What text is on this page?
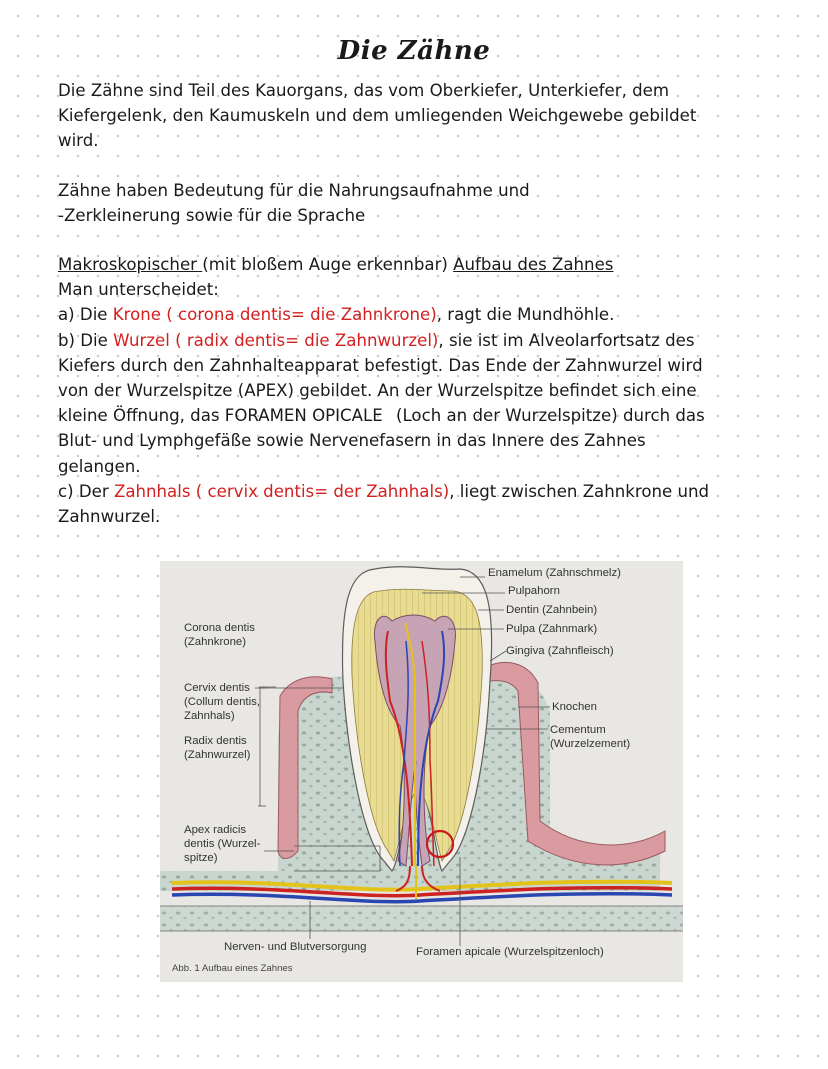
Die Zähne

Die Zähne sind Teil des Kauorgans, das vom Oberkiefer, Unterkiefer, dem

Kiefergelenk, den Kaumuskeln und dem umliegenden Weichgewebe gebildet

wird.

Zähne haben Bedeutung für die Nahrungsaufnahme und

-Zerkleinerung sowie für die Sprache

Makroskopischer (mit bloßem Auge erkennbar) Aufbau des Zahnes

Man unterscheidet:

a) Die Krone ( corona dentis= die Zahnkrone), ragt die Mundhöhle.

b) Die Wurzel ( radix dentis= die Zahnwurzel), sie ist im Alveolarfortsatz des

Kiefers durch den Zahnhalteapparat befestigt. Das Ende der Zahnwurzel wird

von der Wurzelspitze (APEX) gebildet. An der Wurzelspitze befindet sich eine

kleine Öffnung, das FORAMEN OPICALE (Loch an der Wurzelspitze) durch das

Blut- und Lymphgefäße sowie Nervenefasern in das Innere des Zahnes

gelangen.

c) Der Zahnhals ( cervix dentis= der Zahnhals), liegt zwischen Zahnkrone und

Zahnwurzel.

Enamelum (Zahnschmelz)
Pulpahorn
Dentin (Zahnbein)
Pulpa (Zahnmark)
Gingiva (Zahnfleisch)
Corona dentis
(Zahnkrone)
Cervix dentis
(Collum dentis,
Zahnhals)
Radix dentis
(Zahnwurzel)
Knochen
Cementum
(Wurzelzement)
Apex radicis
dentis (Wurzel-
spitze)
Nerven- und Blutversorgung	Foramen apicale (Wurzelspitzenloch)
Abb. 1 Aufbau eines Zahnes
